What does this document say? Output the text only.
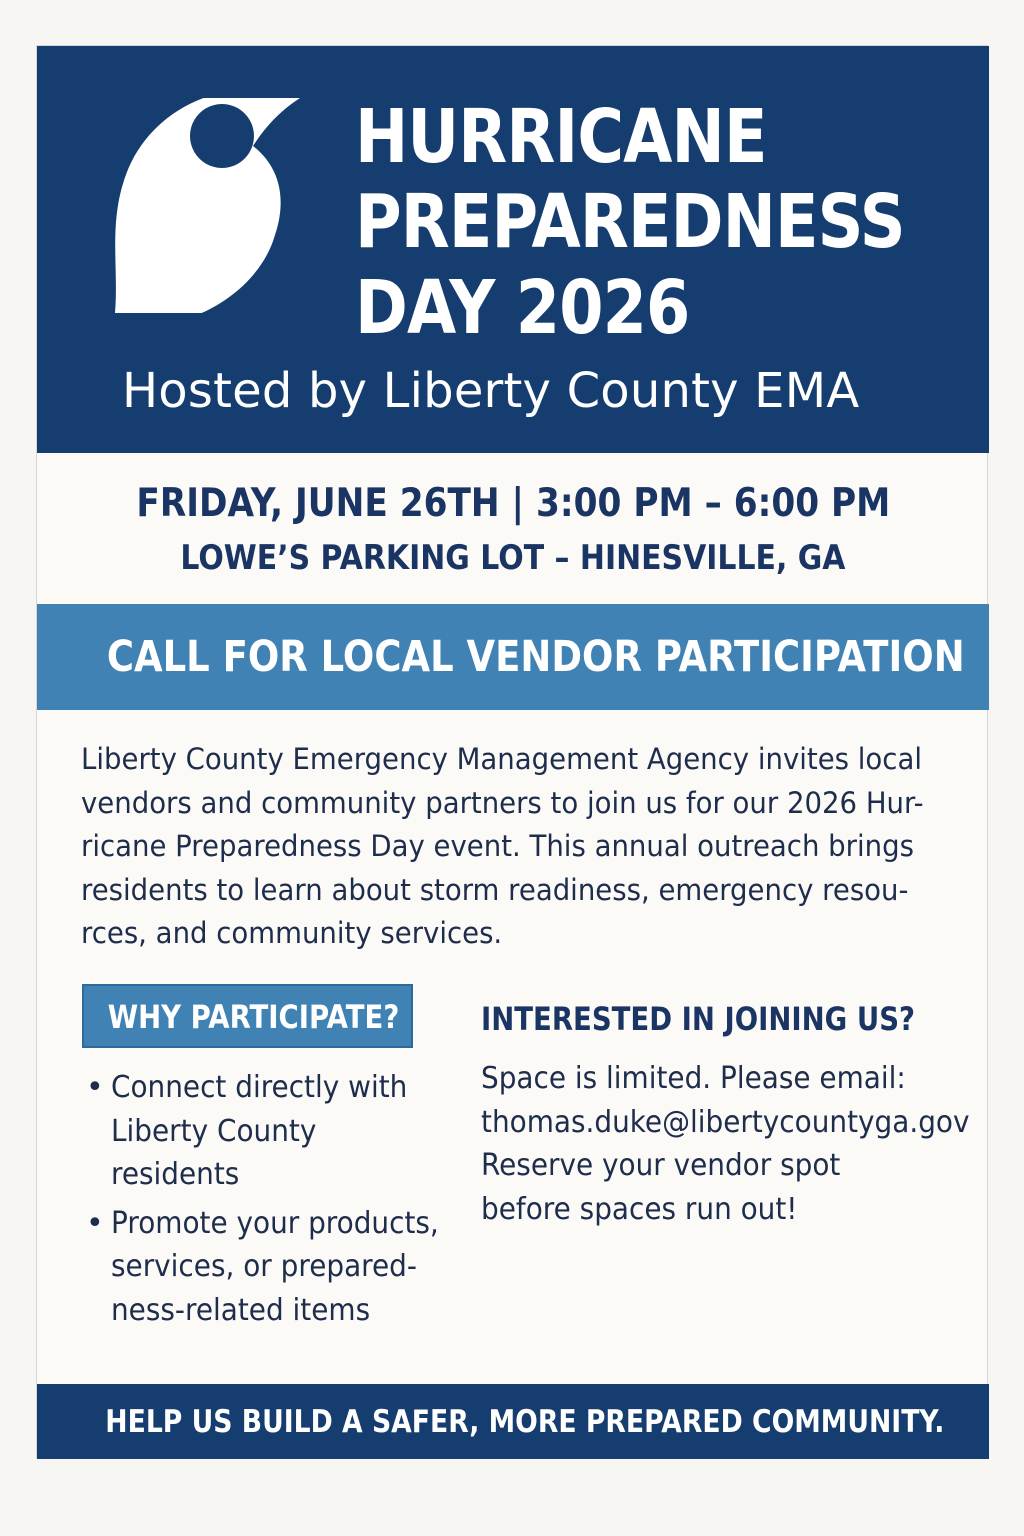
HURRICANE
PREPAREDNESS
DAY 2026

Hosted by Liberty County EMA

FRIDAY, JUNE 26TH | 3:00 PM – 6:00 PM

LOWE’S PARKING LOT – HINESVILLE, GA

CALL FOR LOCAL VENDOR PARTICIPATION

Liberty County Emergency Management Agency invites local
vendors and community partners to join us for our 2026 Hur-
ricane Preparedness Day event. This annual outreach brings
residents to learn about storm readiness, emergency resou-
rces, and community services.

WHY PARTICIPATE?

• Connect directly with
Liberty County
residents
• Promote your products,
services, or prepared-
ness-related items
INTERESTED IN JOINING US?
Space is limited. Please email:
thomas.duke@libertycountyga.gov
Reserve your vendor spot
before spaces run out!

HELP US BUILD A SAFER, MORE PREPARED COMMUNITY.
